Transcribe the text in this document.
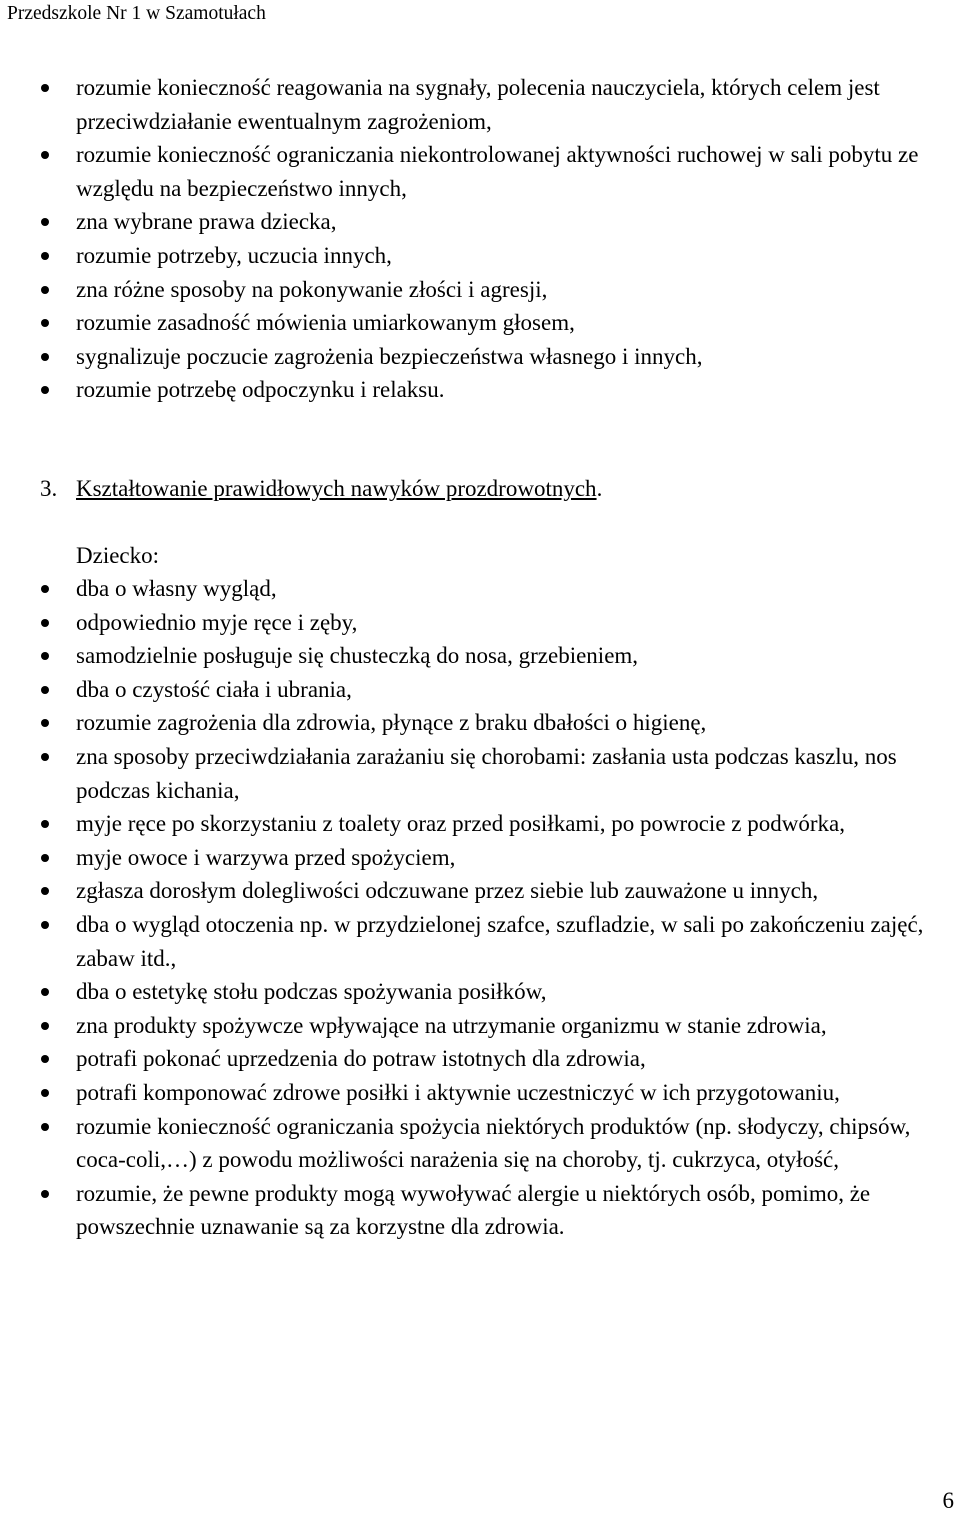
Przedszkole Nr 1 w Szamotułach
rozumie konieczność reagowania na sygnały, polecenia nauczyciela, których celem jest przeciwdziałanie ewentualnym zagrożeniom,
rozumie konieczność ograniczania niekontrolowanej aktywności ruchowej w sali pobytu ze względu na bezpieczeństwo innych,
zna wybrane prawa dziecka,
rozumie potrzeby, uczucia innych,
zna różne sposoby na pokonywanie złości i agresji,
rozumie zasadność mówienia umiarkowanym głosem,
sygnalizuje poczucie zagrożenia bezpieczeństwa własnego i innych,
rozumie potrzebę odpoczynku i relaksu.
3. Kształtowanie prawidłowych nawyków prozdrowotnych.
Dziecko:
dba o własny wygląd,
odpowiednio myje ręce i zęby,
samodzielnie posługuje się chusteczką do nosa, grzebieniem,
dba o czystość ciała i ubrania,
rozumie zagrożenia dla zdrowia, płynące z braku dbałości o higienę,
zna sposoby przeciwdziałania zarażaniu się chorobami: zasłania usta podczas kaszlu, nos podczas kichania,
myje ręce po skorzystaniu z toalety oraz przed posiłkami, po powrocie z podwórka,
myje owoce i warzywa przed spożyciem,
zgłasza dorosłym dolegliwości odczuwane przez siebie lub zauważone u innych,
dba o wygląd otoczenia np. w przydzielonej szafce, szufladzie, w sali po zakończeniu zajęć, zabaw itd.,
dba o estetykę stołu podczas spożywania posiłków,
zna produkty spożywcze wpływające na utrzymanie organizmu w stanie zdrowia,
potrafi pokonać uprzedzenia do potraw istotnych dla zdrowia,
potrafi komponować zdrowe posiłki i aktywnie uczestniczyć w ich przygotowaniu,
rozumie konieczność ograniczania spożycia niektórych produktów (np. słodyczy, chipsów, coca-coli,…) z powodu możliwości narażenia się na choroby, tj. cukrzyca, otyłość,
rozumie, że pewne produkty mogą wywoływać alergie u niektórych osób, pomimo, że powszechnie uznawanie są za korzystne dla zdrowia.
6
